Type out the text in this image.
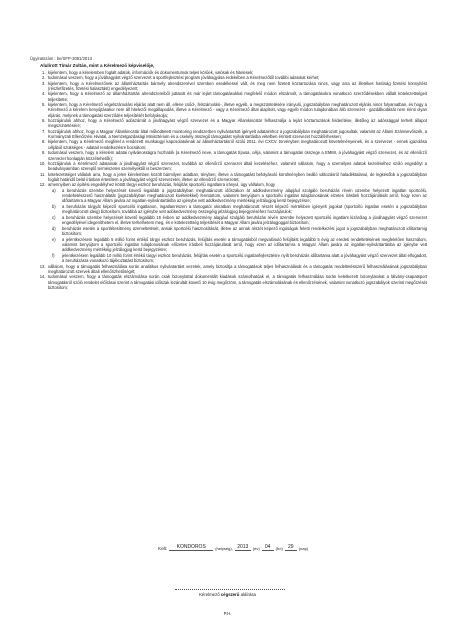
Ügyiratszám : be/SFP-3081/2013
Alulírott Tímár Zoltán, mint a Kérelmező képviselője,
1. kijelentem, hogy a kérelemben foglalt adatok, információk és dokumentumok teljes körűek, valósak és hitelesek;
2. tudomásul veszem, hogy a jóváhagyást végző szervezet a sportfejlesztési program jóváhagyása érdekében a Kérelmezőtől további adatokat kérhet;
3. kijelentem, hogy a Kérelmezőnek az államháztartás bármely alrendszerével szemben esedékessé vált, és meg nem fizetett köztartozása nincs, vagy arra az illetékes hatóság fizetési könnyítést (részletfizetés, fizetési halasztást) engedélyezett;
4. kijelentem, hogy a Kérelmező az államháztartás alrendszereiből juttatott és már lejárt támogatásokkal megfelelő módon elszámolt, a támogatásokra vonatkozó szerződésekben vállalt kötelezettségeit teljesítette;
5. kijelentem, hogy a Kérelmező végelszámolási eljárás alatt nem áll, ellene csőd-, felszámolási-, illetve egyéb, a megszüntetésére irányuló, jogszabályban meghatározott eljárás nincs folyamatban, és hogy a Kérelmező a kérelem benyújtásakor nem áll hitelezői megállapodás, illetve a Kérelmező - vagy a Kérelmező által alapított, vagy egyéb módon tulajdonában álló szervezet - gazdálkodását nem érinti olyan eljárás, melynek a támogatási szerződés teljesítését befolyásolja;
6. hozzájárulok ahhoz, hogy a Kérelmező adószámát a jóváhagyást végző szervezet és a Magyar Államkincstár felhasználja a lejárt köztartozások felderítése, illetőleg az adóssággal terhelt állapot megszüntetésére;
7. hozzájárulok ahhoz, hogy a Magyar Államkincstár által működtetett monitoring rendszerben nyilvántartott igényelt adataimhoz a jogszabályban meghatározott jogosultak, valamint az Állami Számvevőszék, a Kormányzati Ellenőrzési Hivatal, a Nemzetgazdasági Minisztérium és a csekély összegű támogatást nyilvántartásba vételben érintett szervezet hozzáférhessen;
8. kijelentem, hogy a Kérelmező megfelel a rendezett munkaügyi kapcsolatoknak az államháztartásról szóló 2011. évi CXCV. törvényben meghatározott követelményeinek, és a szervezet - ennek igazolása céljából szükséges - adatait rendelkezésre bocsátom;
9. tudomásul veszem, hogy a kérelem adatai nyilvánosságra hozhatók (a Kérelmező neve, a támogatás típusa, célja, valamint a támogatás összege a EMMI, a jóváhagyást végző szervezet, és az ellenőrző szervezet honlapján közzétehetők);
10. hozzájárulok a Kérelmező adatainak a jóváhagyást végző szervezet, továbbá az ellenőrző szervezet általi kezeléséhez, valamint vállalom, hogy a személyes adatok kezeléséhez szóló engedélyt a beadványaimban szereplő természetes személyektől is beszerzem;
11. kötelezettséget vállalok arra, hogy a jelen kérelemben közölt bármilyen adatban, tényben, illetve a támogatást befolyásoló körülményben beálló változásról haladéktalanul, de legkésőbb a jogszabályban foglalt határidő belül írásban értesítem a jóváhagyást végző szervezetet, illetve az ellenőrző szervezetet;
12. amennyiben az építési engedélyhez kötött tárgyi eszköz beruházás, felújítás sportcélú ingatlanra irányul, úgy vállalom, hogy
a)	a beruházás üzembe helyezését követő legalább a jogszabályban meghatározott időszakon át addkedvezmény alapjául szolgáló beruházás révén üzembe helyezett ingatlan sportcélú, rendeltetésszerű használatát (jogszabályban meghatározott kivételekkel) fenntartom, valamint benyújtom a sportcélú ingatlan tulajdonosának elzetes írásbeli hozzájárulását arról, hogy ezen az időtartamra a Magyar Állam javára az ingatlan-nyilvántartásba az igénybe vett addkedvezmény mértékéig jelzálogjog kerül bejegyzésre;
b)	a beruházás tárgyát képező sportcélú ingatlanon, ingatlanrészen a támogatói okiratban meghatározott részét képező mértékben igényelt jogokat (sportcélú ingatlan esetén a jogszabályban meghatározott ideig) biztosítom, továbbá az igénybe vett adókedvezmény összegéig jelzálogjog bejegyzéséhez hozzájárulok;
c)	a beruházás üzembe helyezését követő legalább 15 évben az addkedvezmény alapjául szolgáló beruházás révén üzembe helyezett sportcélú ingatlant kizárólag a jóváhagyást végző szervezet engedélyével idegeníthetem el, illetve terhelhetem meg, és e kötelezettség teljesítését a Magyar Állam javára jelzálogjoggal biztosítom;
d)	beruházás esetén a sportlétesítmény üzemeltetését, annak sportcélú hasznosítását, illetve az annak részét képező ingóságok feletti rendelkezési jogot a jogszabályban meghatározott időtartamig biztosítom;
e)	a jelentkezésem legalább 5 millió forint értékű tárgyi eszköz beruházás, felújítás esetén a támogatásból megvalósuló felújítást legalább 5 évig az eredeti rendeltetésének megfelelően használom, valamint benyújtom a sportcélú ingatlan tulajdonosának előzetes írásbeli hozzájárulását arról, hogy ezen az időtartamra a Magyar Állam javára az ingatlan-nyilvántartásba az igénybe vett addkedvezmény mértékéig jelzálogjog kerül bejegyzésre;
f)	jelentkezésem legalább 10 millió forint értékű tárgyi eszköz beruházás, felújítás esetén a sportcélú ingatlanfejlesztésre nyílt beruházás időtartama alatt a jóváhagyást végző szervezet által elfogadott, a beruházásra vonatkozó tájékoztatást biztosítom;
13. vállalom, hogy a támogatás felhasználása során analitikus nyilvántartást vezetek, amely biztosítja a támogatások teljes felhasználását és a támogatás rendeltetésszerű felhasználásának jogszabályban meghatározott szervek általi ellenőrizhetőségét;
14. tudomásul veszem, hogy a támogatás elszámolása során csak bizonylattal dokumentált kiadások számolhatóak el, a támogatás felhasználása során keletkezett bizonylatokat a látvány-csapatsport támogatásról szóló rendelet előírásai szerint a támogatási időszak lezárultát követő 10 évig megőrzöm, a támogatás elszámolásának és ellenőrzésének, valamint vonatkozó jogszabályok szerinti megőrzését biztosítom;
Kelt:	KONDOROS	(helység), 2013	(év)	04	(hó)	29	(nap)
Kérelmező cégszerű aláírása
P.H.
